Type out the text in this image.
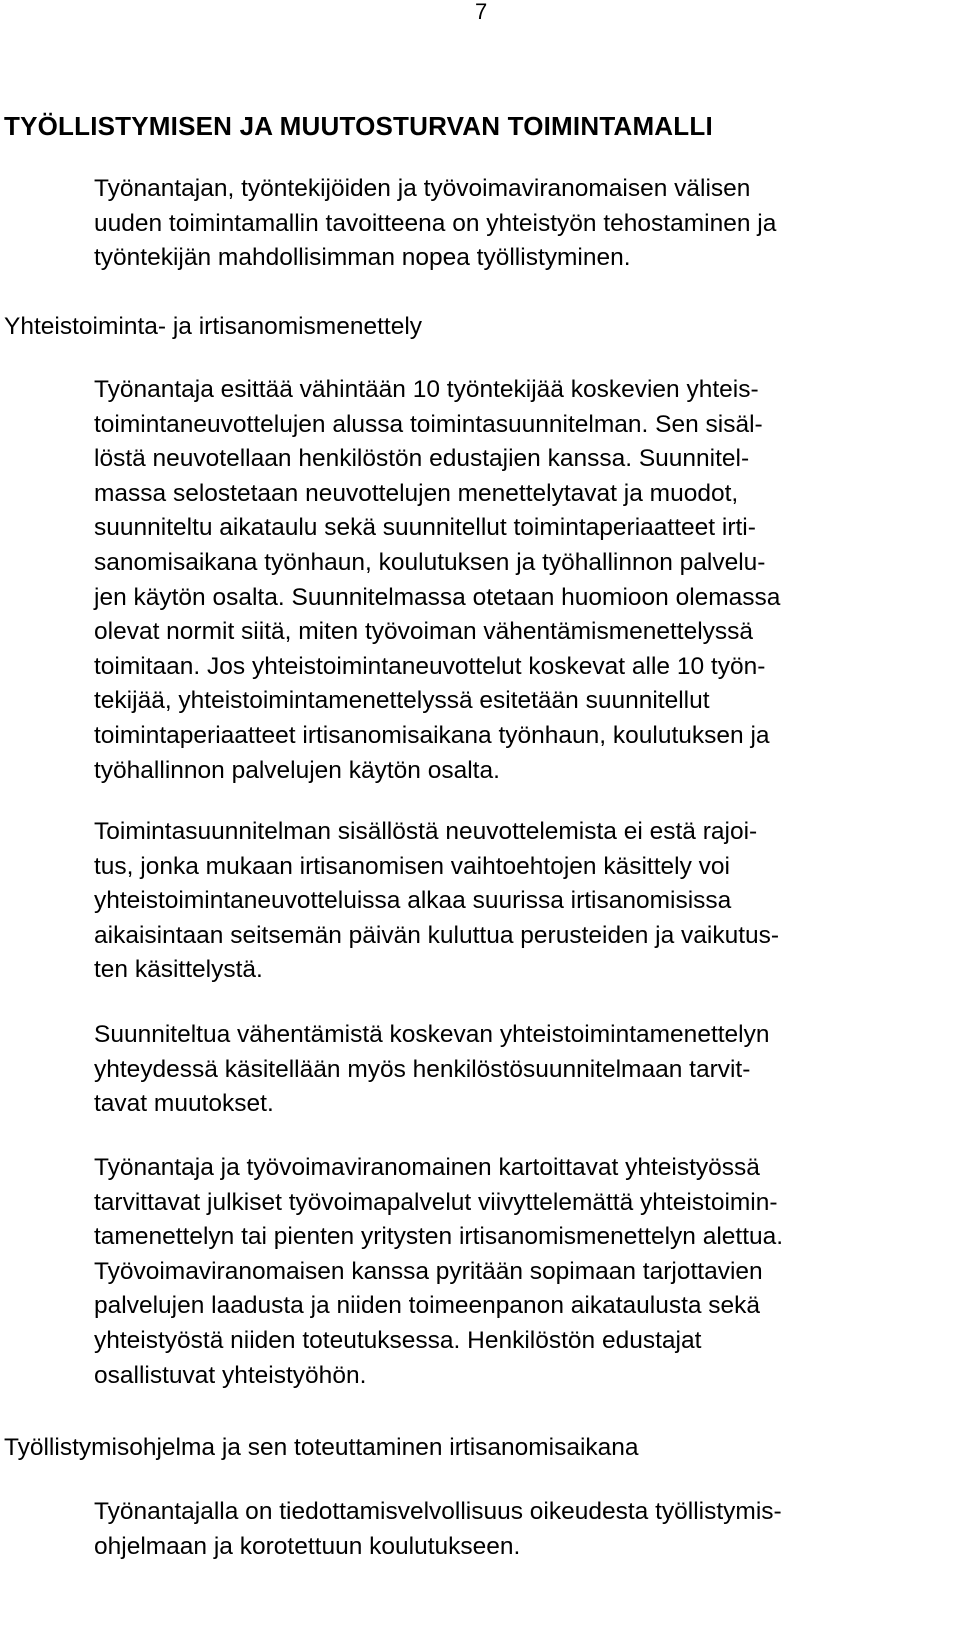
7
TYÖLLISTYMISEN JA MUUTOSTURVAN TOIMINTAMALLI

Työnantajan, työntekijöiden ja työvoimaviranomaisen välisen
uuden toimintamallin tavoitteena on yhteistyön tehostaminen ja
työntekijän mahdollisimman nopea työllistyminen.

Yhteistoiminta- ja irtisanomismenettely

Työnantaja esittää vähintään 10 työntekijää koskevien yhteis-
toimintaneuvottelujen alussa toimintasuunnitelman. Sen sisäl-
löstä neuvotellaan henkilöstön edustajien kanssa. Suunnitel-
massa selostetaan neuvottelujen menettelytavat ja muodot,
suunniteltu aikataulu sekä suunnitellut toimintaperiaatteet irti-
sanomisaikana työnhaun, koulutuksen ja työhallinnon palvelu-
jen käytön osalta. Suunnitelmassa otetaan huomioon olemassa
olevat normit siitä, miten työvoiman vähentämismenettelyssä
toimitaan. Jos yhteistoimintaneuvottelut koskevat alle 10 työn-
tekijää, yhteistoimintamenettelyssä esitetään suunnitellut
toimintaperiaatteet irtisanomisaikana työnhaun, koulutuksen ja
työhallinnon palvelujen käytön osalta.

Toimintasuunnitelman sisällöstä neuvottelemista ei estä rajoi-
tus, jonka mukaan irtisanomisen vaihtoehtojen käsittely voi
yhteistoimintaneuvotteluissa alkaa suurissa irtisanomisissa
aikaisintaan seitsemän päivän kuluttua perusteiden ja vaikutus-
ten käsittelystä.

Suunniteltua vähentämistä koskevan yhteistoimintamenettelyn
yhteydessä käsitellään myös henkilöstösuunnitelmaan tarvit-
tavat muutokset.

Työnantaja ja työvoimaviranomainen kartoittavat yhteistyössä
tarvittavat julkiset työvoimapalvelut viivyttelemättä yhteistoimin-
tamenettelyn tai pienten yritysten irtisanomismenettelyn alettua.
Työvoimaviranomaisen kanssa pyritään sopimaan tarjottavien
palvelujen laadusta ja niiden toimeenpanon aikataulusta sekä
yhteistyöstä niiden toteutuksessa. Henkilöstön edustajat
osallistuvat yhteistyöhön.

Työllistymisohjelma ja sen toteuttaminen irtisanomisaikana

Työnantajalla on tiedottamisvelvollisuus oikeudesta työllistymis-
ohjelmaan ja korotettuun koulutukseen.
